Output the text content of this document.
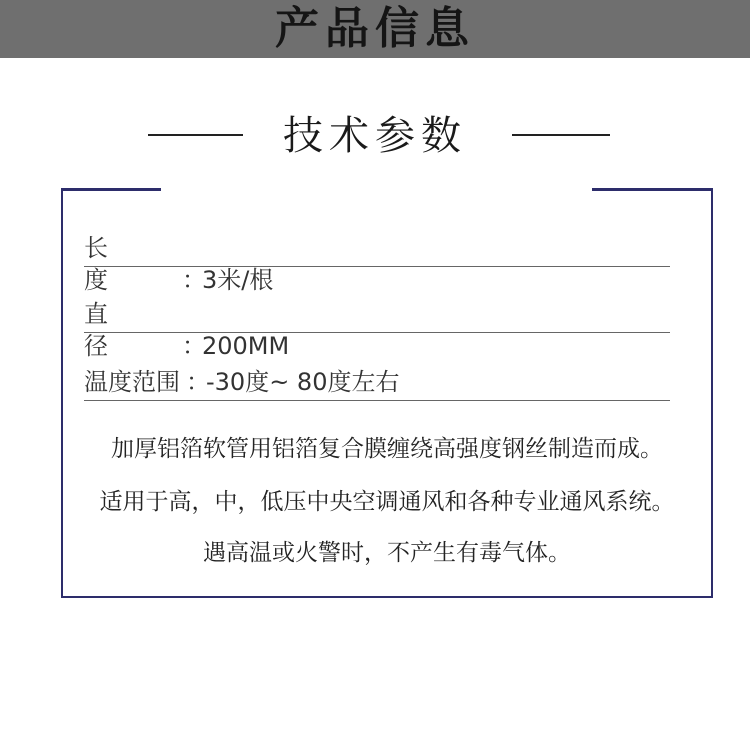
产品信息
技术参数
长　　度	：3米/根
直　　径	：200MM
温度范围 ：-30度~ 80度左右
加厚铝箔软管用铝箔复合膜缠绕高强度钢丝制造而成。
适用于高，中，低压中央空调通风和各种专业通风系统。
遇高温或火警时，不产生有毒气体。
